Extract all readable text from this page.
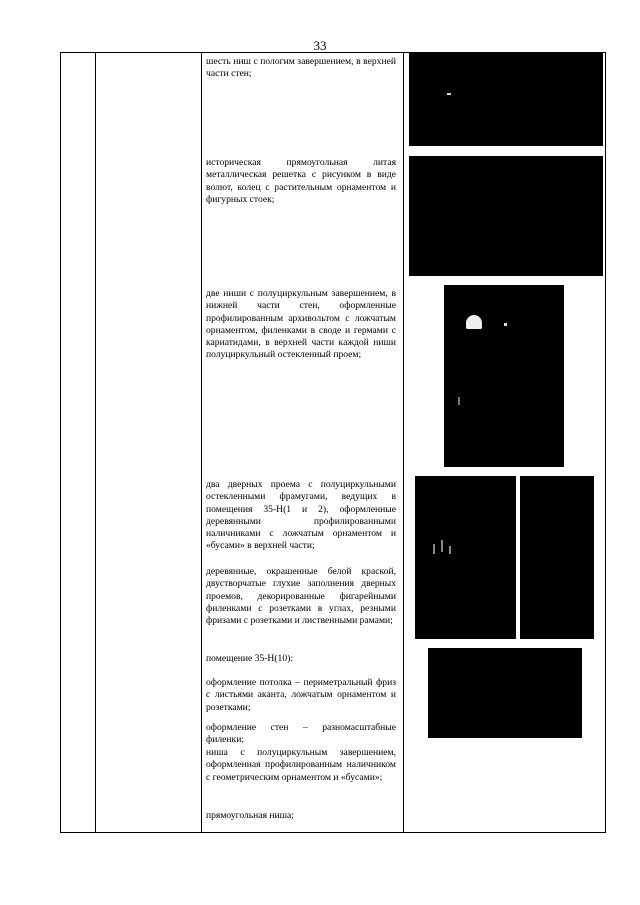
33

шесть ниш с пологим завершением, в верхней части стен;

историческая прямоугольная литая металлическая решетка с рисунком в виде волют, колец с растительным орнаментом и фигурных стоек;

две ниши с полуциркульным завершением, в нижней части стен, оформленные профилированным архивольтом с ложчатым орнаментом, филенками в своде и гермами с кариатидами, в верхней части каждой ниши полуциркульный остекленный проем;

два дверных проема с полуциркульными остекленными фрамугами, ведущих в помещения 35-Н(1 и 2), оформленные деревянными профилированными наличниками с ложчатым орнаментом и «бусами» в верхней части;

деревянные, окрашенные белой краской, двустворчатые глухие заполнения дверных проемов, декорированные фигарейными филенками с розетками в углах, резными фризами с розетками и лиственными рамами;

помещение 35-Н(10):

оформление потолка – периметральный фриз с листьями аканта, ложчатым орнаментом и розетками;

оформление стен – разномасштабные филенки;

ниша с полуциркульным завершением, оформленная профилированным наличником с геометрическим орнаментом и «бусами»;

прямоугольная ниша;
